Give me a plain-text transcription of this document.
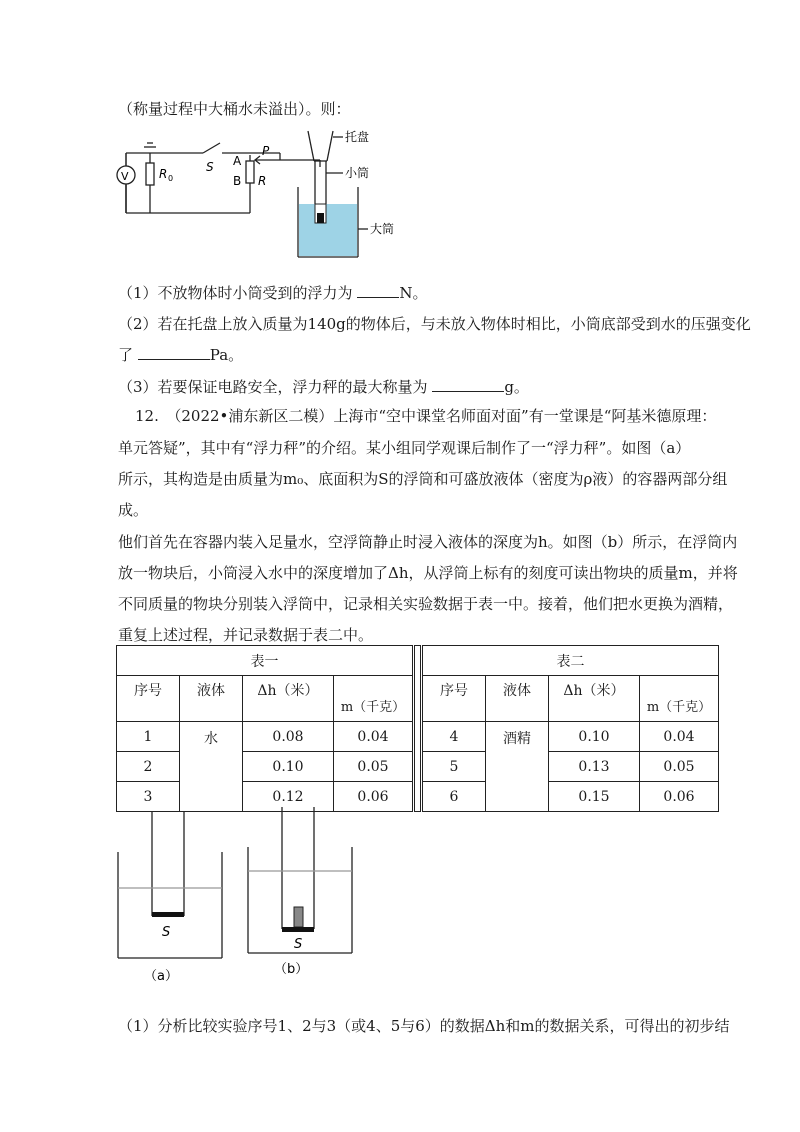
（称量过程中大桶水未溢出）。则：
V	R 0
S A
B R
P
托盘
小筒
大筒
（1）不放物体时小筒受到的浮力为	N。
（2）若在托盘上放入质量为140g的物体后，与未放入物体时相比，小筒底部受到水的压强变化
了	Pa。
（3）若要保证电路安全，浮力秤的最大称量为	g。
12.　（2022•浦东新区二模）上海市“空中课堂名师面对面”有一堂课是“阿基米德原理：
单元答疑”，其中有“浮力秤”的介绍。某小组同学观课后制作了一“浮力秤”。如图（a）
所示，其构造是由质量为m₀、底面积为S的浮筒和可盛放液体（密度为ρ液）的容器两部分组
成。
他们首先在容器内装入足量水，空浮筒静止时浸入液体的深度为h。如图（b）所示，在浮筒内
放一物块后，小筒浸入水中的深度增加了Δh，从浮筒上标有的刻度可读出物块的质量m，并将
不同质量的物块分别装入浮筒中，记录相关实验数据于表一中。接着，他们把水更换为酒精，
重复上述过程，并记录数据于表二中。
表一					表二			
序号	液体	Δh（米）	m（千克）		序号	液体	Δh（米）	m（千克）
1	水	0.08	0.04		4	酒精	0.10	0.04
2		0.10	0.05		5		0.13	0.05
3		0.12	0.06		6		0.15	0.06
S
（a）
S
（b）
（1）分析比较实验序号1、2与3（或4、5与6）的数据Δh和m的数据关系，可得出的初步结
